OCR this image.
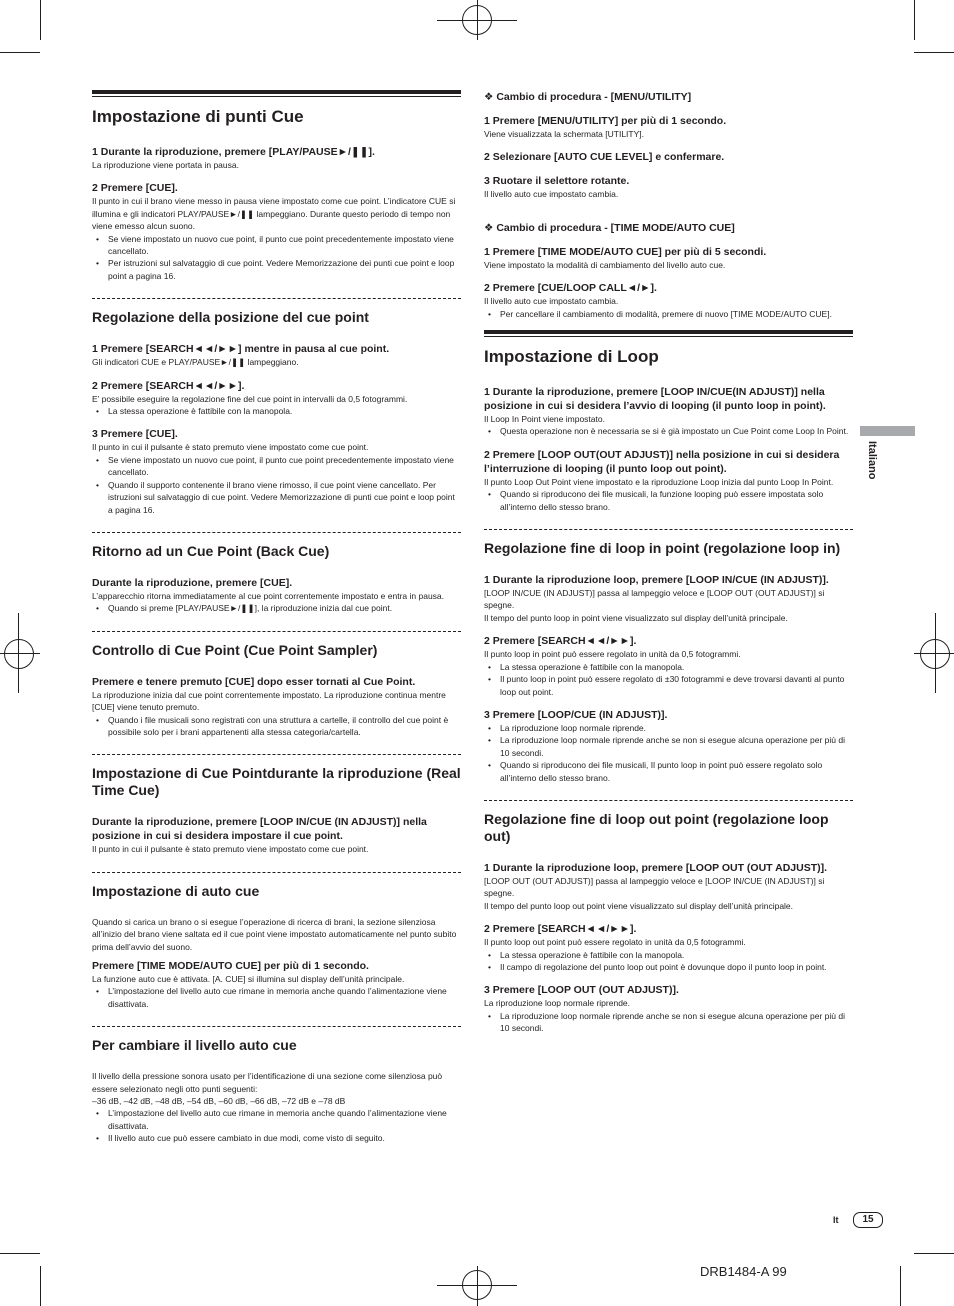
Impostazione di punti Cue

1 Durante la riproduzione, premere [PLAY/PAUSE►/❚❚].

La riproduzione viene portata in pausa.

2 Premere [CUE].

Il punto in cui il brano viene messo in pausa viene impostato come cue point. L’indicatore CUE si illumina e gli indicatori PLAY/PAUSE►/❚❚ lampeggiano. Durante questo periodo di tempo non viene emesso alcun suono.

• Se viene impostato un nuovo cue point, il punto cue point precedentemente impostato viene cancellato.
• Per istruzioni sul salvataggio di cue point. Vedere Memorizzazione dei punti cue point e loop point a pagina 16.
Regolazione della posizione del cue point

1 Premere [SEARCH◄◄/►►] mentre in pausa al cue point.

Gli indicatori CUE e PLAY/PAUSE►/❚❚ lampeggiano.

2 Premere [SEARCH◄◄/►►].

E’ possibile eseguire la regolazione fine del cue point in intervalli da 0,5 fotogrammi.

• La stessa operazione è fattibile con la manopola.

3 Premere [CUE].

Il punto in cui il pulsante è stato premuto viene impostato come cue point.

• Se viene impostato un nuovo cue point, il punto cue point precedentemente impostato viene cancellato.
• Quando il supporto contenente il brano viene rimosso, il cue point viene cancellato. Per istruzioni sul salvataggio di cue point. Vedere Memorizzazione di punti cue point e loop point a pagina 16.
Ritorno ad un Cue Point (Back Cue)

Durante la riproduzione, premere [CUE].

L’apparecchio ritorna immediatamente al cue point correntemente impostato e entra in pausa.

• Quando si preme [PLAY/PAUSE►/❚❚], la riproduzione inizia dal cue point.
Controllo di Cue Point (Cue Point Sampler)

Premere e tenere premuto [CUE] dopo esser tornati al Cue Point.

La riproduzione inizia dal cue point correntemente impostato. La riproduzione continua mentre [CUE] viene tenuto premuto.

• Quando i file musicali sono registrati con una struttura a cartelle, il controllo del cue point è possibile solo per i brani appartenenti alla stessa categoria/cartella.
Impostazione di Cue Pointdurante la riproduzione (Real Time Cue)

Durante la riproduzione, premere [LOOP IN/CUE (IN ADJUST)] nella posizione in cui si desidera impostare il cue point.

Il punto in cui il pulsante è stato premuto viene impostato come cue point.

Impostazione di auto cue

Quando si carica un brano o si esegue l’operazione di ricerca di brani, la sezione silenziosa all’inizio del brano viene saltata ed il cue point viene impostato automaticamente nel punto subito prima dell’avvio del suono.

Premere [TIME MODE/AUTO CUE] per più di 1 secondo.

La funzione auto cue è attivata. [A. CUE] si illumina sul display dell’unità principale.

• L’impostazione del livello auto cue rimane in memoria anche quando l’alimentazione viene disattivata.
Per cambiare il livello auto cue

Il livello della pressione sonora usato per l’identificazione di una sezione come silenziosa può essere selezionato negli otto punti seguenti:

–36 dB, –42 dB, –48 dB, –54 dB, –60 dB, –66 dB, –72 dB e –78 dB

• L’impostazione del livello auto cue rimane in memoria anche quando l’alimentazione viene disattivata.
• Il livello auto cue può essere cambiato in due modi, come visto di seguito.

❖ Cambio di procedura - [MENU/UTILITY]

1 Premere [MENU/UTILITY] per più di 1 secondo.

Viene visualizzata la schermata [UTILITY].

2 Selezionare [AUTO CUE LEVEL] e confermare.

3 Ruotare il selettore rotante.

Il livello auto cue impostato cambia.

❖ Cambio di procedura - [TIME MODE/AUTO CUE]

1 Premere [TIME MODE/AUTO CUE] per più di 5 secondi.

Viene impostato la modalità di cambiamento del livello auto cue.

2 Premere [CUE/LOOP CALL◄/►].

Il livello auto cue impostato cambia.

• Per cancellare il cambiamento di modalità, premere di nuovo [TIME MODE/AUTO CUE].
Impostazione di Loop

1 Durante la riproduzione, premere [LOOP IN/CUE(IN ADJUST)] nella posizione in cui si desidera l’avvio di looping (il punto loop in point).

Il Loop In Point viene impostato.

• Questa operazione non è necessaria se si è già impostato un Cue Point come Loop In Point.

2 Premere [LOOP OUT(OUT ADJUST)] nella posizione in cui si desidera l’interruzione di looping (il punto loop out point).

Il punto Loop Out Point viene impostato e la riproduzione Loop inizia dal punto Loop In Point.

• Quando si riproducono dei file musicali, la funzione looping può essere impostata solo all’interno dello stesso brano.
Regolazione fine di loop in point (regolazione loop in)

1 Durante la riproduzione loop, premere [LOOP IN/CUE (IN ADJUST)].

[LOOP IN/CUE (IN ADJUST)] passa al lampeggio veloce e [LOOP OUT (OUT ADJUST)] si spegne.

Il tempo del punto loop in point viene visualizzato sul display dell’unità principale.

2 Premere [SEARCH◄◄/►►].

Il punto loop in point può essere regolato in unità da 0,5 fotogrammi.

• La stessa operazione è fattibile con la manopola.
• Il punto loop in point può essere regolato di ±30 fotogrammi e deve trovarsi davanti al punto loop out point.

3 Premere [LOOP/CUE (IN ADJUST)].

• La riproduzione loop normale riprende.
• La riproduzione loop normale riprende anche se non si esegue alcuna operazione per più di 10 secondi.
• Quando si riproducono dei file musicali, Il punto loop in point può essere regolato solo all’interno dello stesso brano.
Regolazione fine di loop out point (regolazione loop out)

1 Durante la riproduzione loop, premere [LOOP OUT (OUT ADJUST)].

[LOOP OUT (OUT ADJUST)] passa al lampeggio veloce e [LOOP IN/CUE (IN ADJUST)] si spegne.

Il tempo del punto loop out point viene visualizzato sul display dell’unità principale.

2 Premere [SEARCH◄◄/►►].

Il punto loop out point può essere regolato in unità da 0,5 fotogrammi.

• La stessa operazione è fattibile con la manopola.
• Il campo di regolazione del punto loop out point è dovunque dopo il punto loop in point.

3 Premere [LOOP OUT (OUT ADJUST)].

La riproduzione loop normale riprende.

• La riproduzione loop normale riprende anche se non si esegue alcuna operazione per più di 10 secondi.
Italiano
It	15
DRB1484-A 99
